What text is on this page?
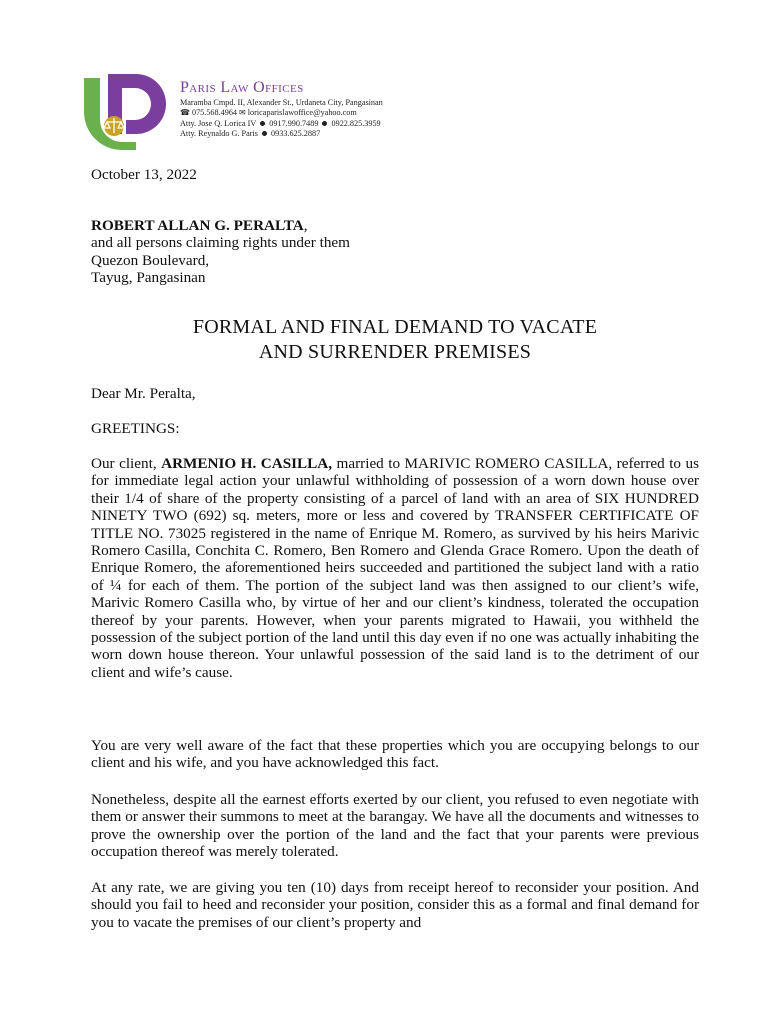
Paris Law Offices
Maramba Cmpd. II, Alexander St., Urdaneta City, Pangasinan
☎ 075.568.4964 ✉ loricaparislawoffice@yahoo.com
Atty. Jose Q. Lorica IV 0917.990.7489 0922.825.3959
Atty. Reynaldo G. Paris 0933.625.2887
October 13, 2022
ROBERT ALLAN G. PERALTA,
and all persons claiming rights under them
Quezon Boulevard,
Tayug, Pangasinan
FORMAL AND FINAL DEMAND TO VACATE
AND SURRENDER PREMISES
Dear Mr. Peralta,
GREETINGS:
Our client, ARMENIO H. CASILLA, married to MARIVIC ROMERO CASILLA, referred to us for immediate legal action your unlawful withholding of possession of a worn down house over their 1/4 of share of the property consisting of a parcel of land with an area of SIX HUNDRED NINETY TWO (692) sq. meters, more or less and covered by TRANSFER CERTIFICATE OF TITLE NO. 73025 registered in the name of Enrique M. Romero, as survived by his heirs Marivic Romero Casilla, Conchita C. Romero, Ben Romero and Glenda Grace Romero. Upon the death of Enrique Romero, the aforementioned heirs succeeded and partitioned the subject land with a ratio of ¼ for each of them. The portion of the subject land was then assigned to our client’s wife, Marivic Romero Casilla who, by virtue of her and our client’s kindness, tolerated the occupation thereof by your parents. However, when your parents migrated to Hawaii, you withheld the possession of the subject portion of the land until this day even if no one was actually inhabiting the worn down house thereon. Your unlawful possession of the said land is to the detriment of our client and wife’s cause.
You are very well aware of the fact that these properties which you are occupying belongs to our client and his wife, and you have acknowledged this fact.
Nonetheless, despite all the earnest efforts exerted by our client, you refused to even negotiate with them or answer their summons to meet at the barangay. We have all the documents and witnesses to prove the ownership over the portion of the land and the fact that your parents were previous occupation thereof was merely tolerated.
At any rate, we are giving you ten (10) days from receipt hereof to reconsider your position. And should you fail to heed and reconsider your position, consider this as a formal and final demand for you to vacate the premises of our client’s property and
